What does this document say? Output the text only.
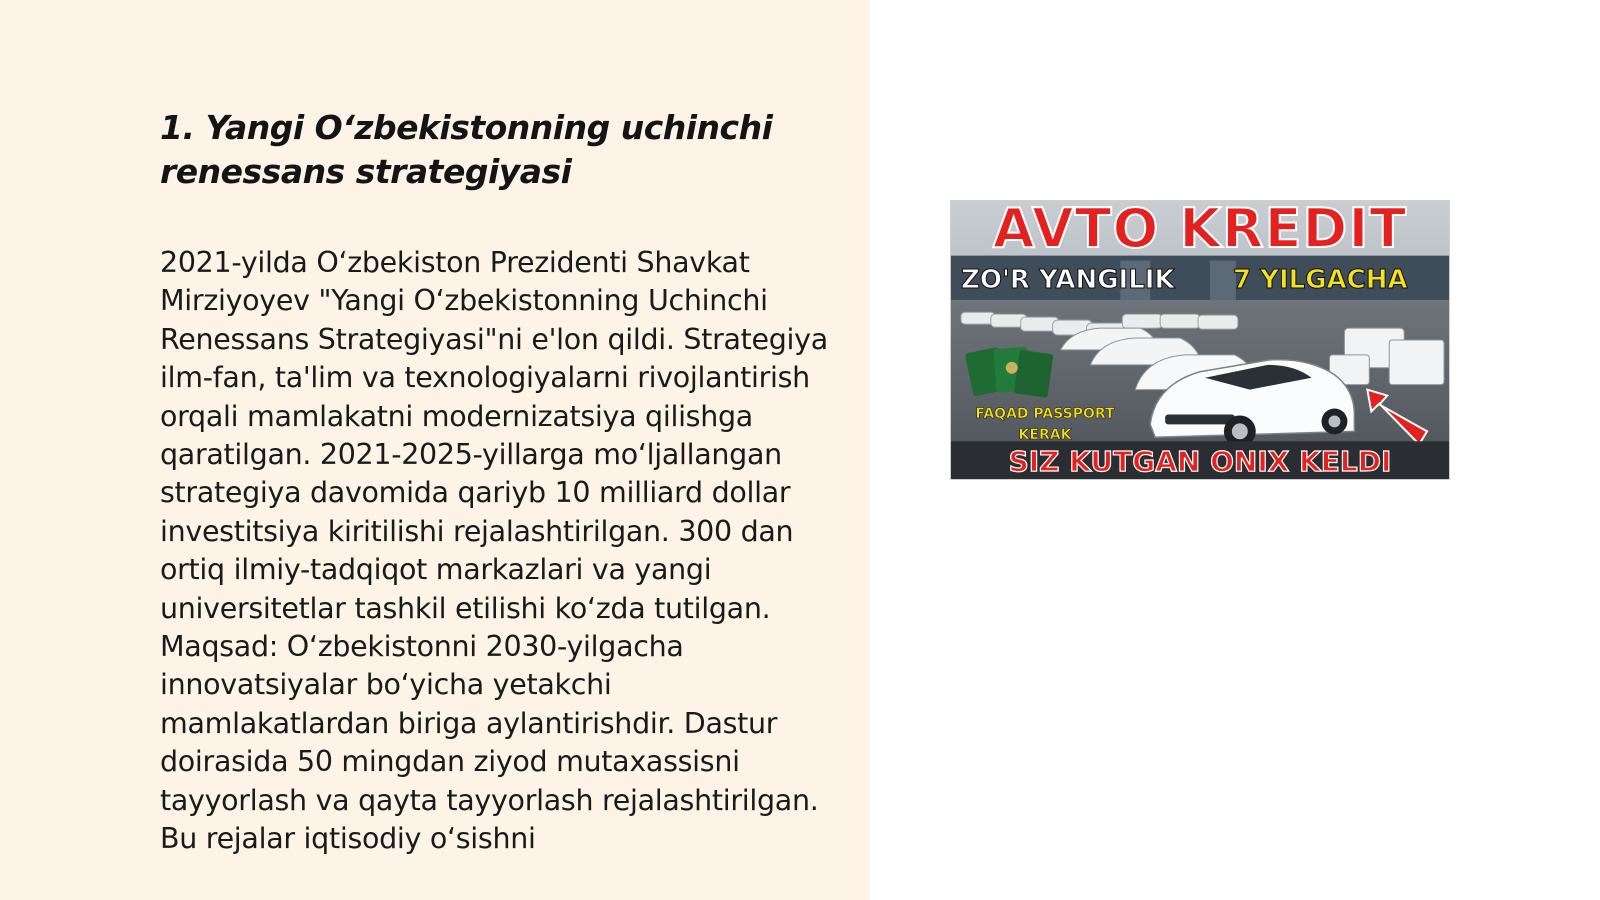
1. Yangi O‘zbekistonning uchinchi renessans strategiyasi

2021-yilda O‘zbekiston Prezidenti Shavkat Mirziyoyev "Yangi O‘zbekistonning Uchinchi Renessans Strategiyasi"ni e'lon qildi. Strategiya ilm-fan, ta'lim va texnologiyalarni rivojlantirish orqali mamlakatni modernizatsiya qilishga qaratilgan. 2021-2025-yillarga mo‘ljallangan strategiya davomida qariyb 10 milliard dollar investitsiya kiritilishi rejalashtirilgan. 300 dan ortiq ilmiy-tadqiqot markazlari va yangi universitetlar tashkil etilishi ko‘zda tutilgan. Maqsad: O‘zbekistonni 2030-yilgacha innovatsiyalar bo‘yicha yetakchi mamlakatlardan biriga aylantirishdir. Dastur doirasida 50 mingdan ziyod mutaxassisni tayyorlash va qayta tayyorlash rejalashtirilgan. Bu rejalar iqtisodiy o‘sishni

AVTO KREDIT
ZO'R YANGILIK 7 YILGACHA
FAQAD PASSPORT
KERAK
SIZ KUTGAN ONIX KELDI
